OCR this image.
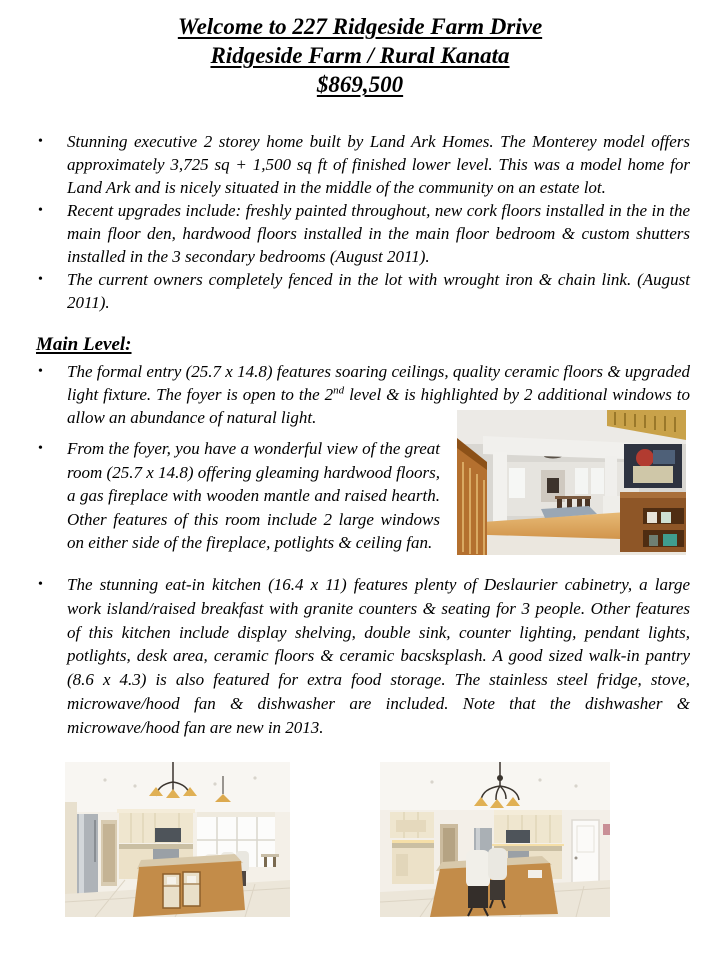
Welcome to 227 Ridgeside Farm Drive
Ridgeside Farm / Rural Kanata
$869,500
•	Stunning executive 2 storey home built by Land Ark Homes. The Monterey model offers approximately 3,725 sq + 1,500 sq ft of finished lower level. This was a model home for Land Ark and is nicely situated in the middle of the community on an estate lot.
•	Recent upgrades include: freshly painted throughout, new cork floors installed in the in the main floor den, hardwood floors installed in the main floor bedroom & custom shutters installed in the 3 secondary bedrooms (August 2011).
•	The current owners completely fenced in the lot with wrought iron & chain link. (August 2011).
Main Level:
•	The formal entry (25.7 x 14.8) features soaring ceilings, quality ceramic floors & upgraded light fixture. The foyer is open to the 2nd level & is highlighted by 2 additional windows to allow an abundance of natural light.
•	From the foyer, you have a wonderful view of the great room (25.7 x 14.8) offering gleaming hardwood floors, a gas fireplace with wooden mantle and raised hearth. Other features of this room include 2 large windows on either side of the fireplace, potlights & ceiling fan.
•	The stunning eat-in kitchen (16.4 x 11) features plenty of Deslaurier cabinetry, a large work island/raised breakfast with granite counters & seating for 3 people. Other features of this kitchen include display shelving, double sink, counter lighting, pendant lights, potlights, desk area, ceramic floors & ceramic bacsksplash. A good sized walk-in pantry (8.6 x 4.3) is also featured for extra food storage. The stainless steel fridge, stove, microwave/hood fan & dishwasher are included. Note that the dishwasher & microwave/hood fan are new in 2013.
